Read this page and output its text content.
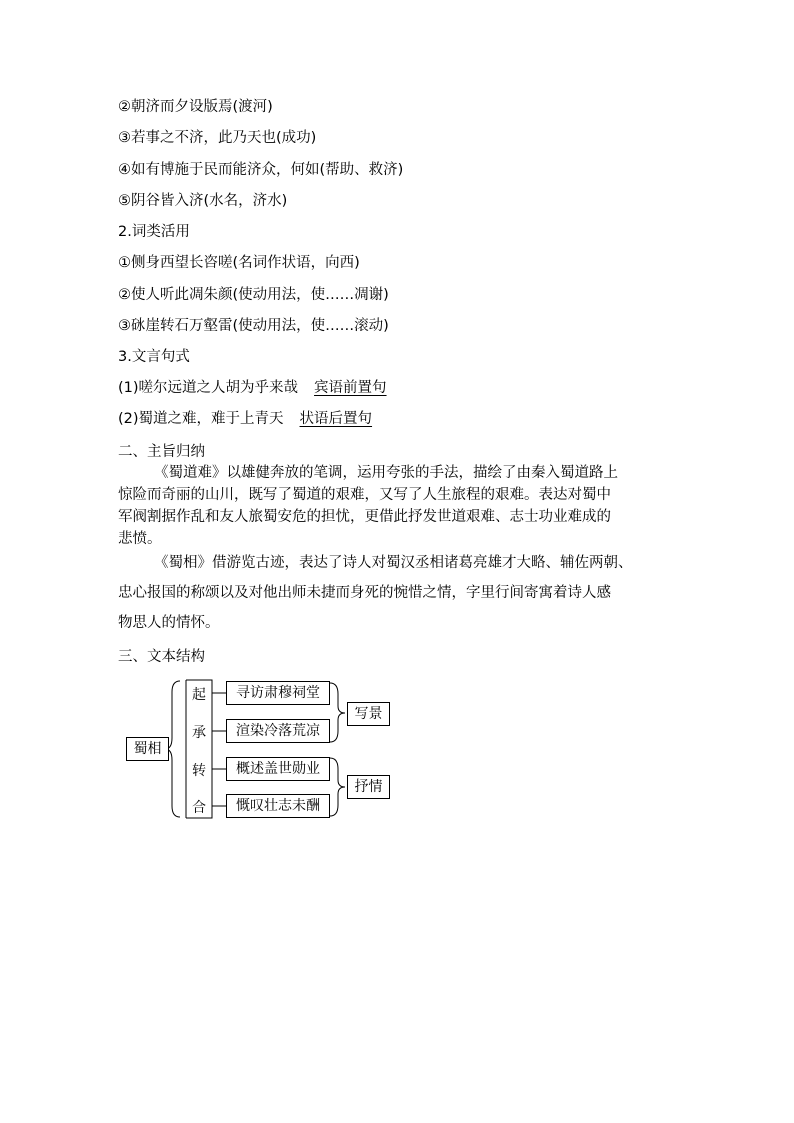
②朝济而夕设版焉(渡河)
③若事之不济，此乃天也(成功)
④如有博施于民而能济众，何如(帮助、救济)
⑤阴谷皆入济(水名，济水)
2.词类活用
①侧身西望长咨嗟(名词作状语，向西)
②使人听此凋朱颜(使动用法，使……凋谢)
③砯崖转石万壑雷(使动用法，使……滚动)
3.文言句式
(1)嗟尔远道之人胡为乎来哉 宾语前置句
(2)蜀道之难，难于上青天 状语后置句
二、主旨归纳
《蜀道难》以雄健奔放的笔调，运用夸张的手法，描绘了由秦入蜀道路上
惊险而奇丽的山川，既写了蜀道的艰难，又写了人生旅程的艰难。表达对蜀中
军阀割据作乱和友人旅蜀安危的担忧，更借此抒发世道艰难、志士功业难成的
悲愤。
《蜀相》借游览古迹，表达了诗人对蜀汉丞相诸葛亮雄才大略、辅佐两朝、
忠心报国的称颂以及对他出师未捷而身死的惋惜之情，字里行间寄寓着诗人感
物思人的情怀。
三、文本结构
蜀相
起
承
转
合
寻访肃穆祠堂
渲染冷落荒凉
概述盖世勋业
慨叹壮志未酬
写景
抒情
